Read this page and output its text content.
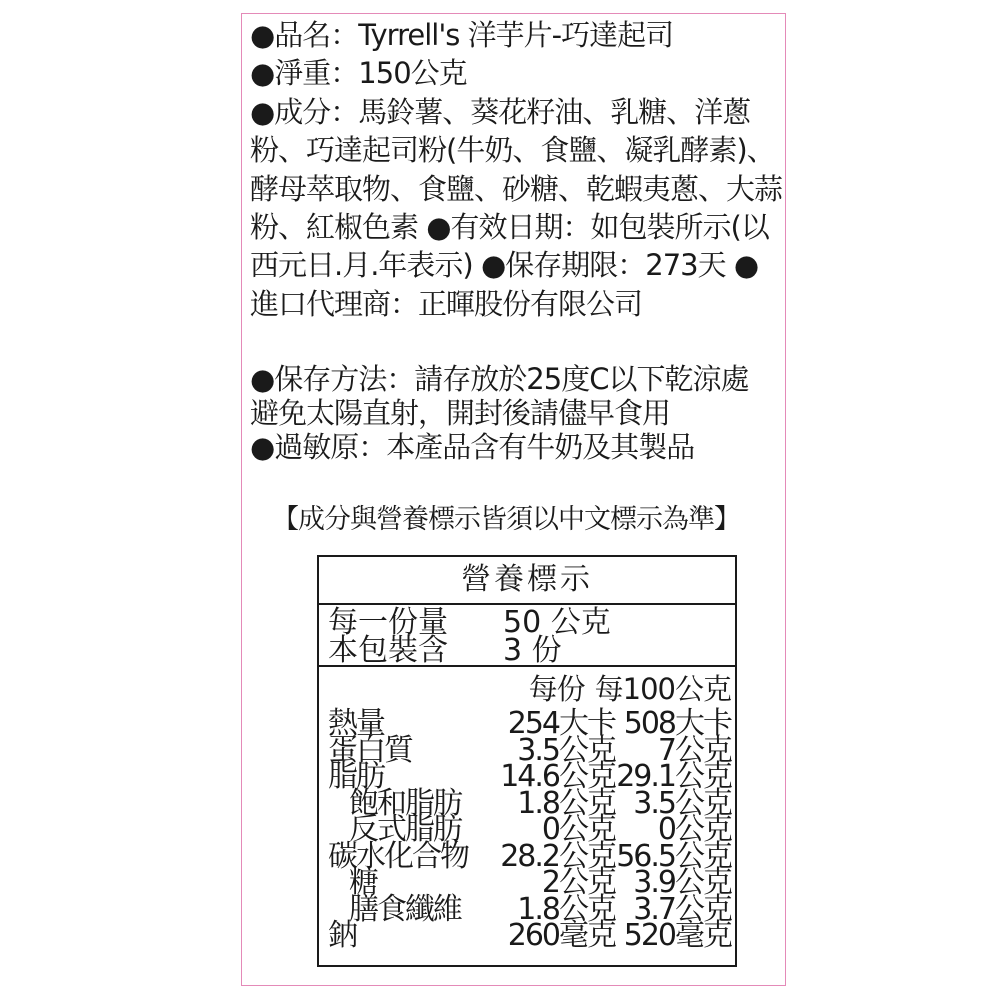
●品名：Tyrrell's 洋芋片-巧達起司
●淨重：150公克
●成分：馬鈴薯、葵花籽油、乳糖、洋蔥
粉、巧達起司粉(牛奶、食鹽、凝乳酵素)、
酵母萃取物、食鹽、砂糖、乾蝦夷蔥、大蒜
粉、紅椒色素 ●有效日期：如包裝所示(以
西元日.月.年表示) ●保存期限：273天 ●
進口代理商：正暉股份有限公司
●保存方法：請存放於25度C以下乾涼處
避免太陽直射，開封後請儘早食用
●過敏原：本產品含有牛奶及其製品
【成分與營養標示皆須以中文標示為準】
營養標示
每一份量	50 公克
本包裝含	3 份
每份 每100公克
熱量	254大卡 508大卡
蛋白質	3.5公克	7公克
脂肪	14.6公克 29.1公克
飽和脂肪	1.8公克 3.5公克
反式脂肪	0公克	0公克
碳水化合物	28.2公克 56.5公克
糖	2公克 3.9公克
膳食纖維	1.8公克 3.7公克
鈉	260毫克 520毫克
